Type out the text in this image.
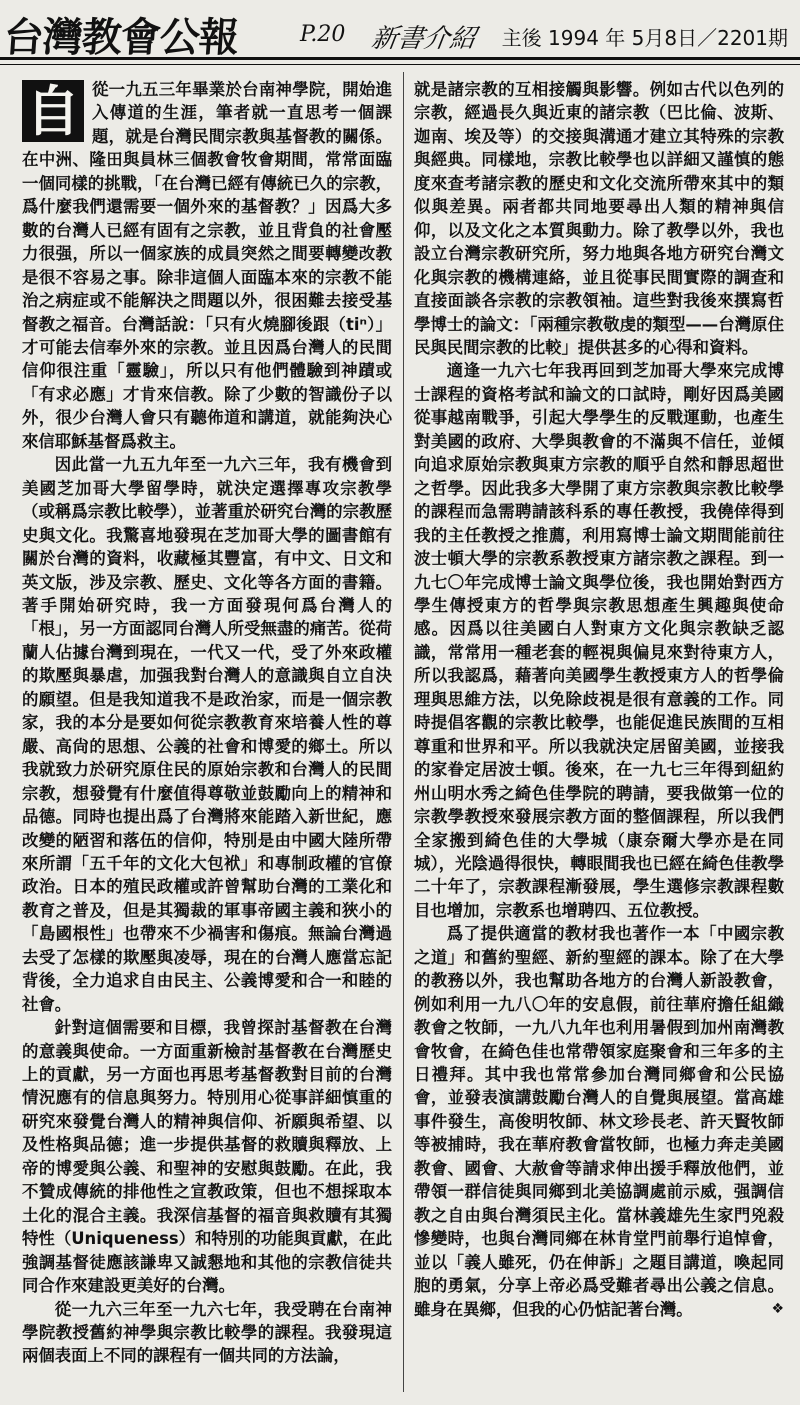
台灣教會公報	P.20 新書介紹 主後 1994 年 5月8日／2201期

自 從一九五三年畢業於台南神學院，開始進入傳道的生涯，筆者就一直思考一個課題，就是台灣民間宗教與基督教的關係。在中洲、隆田與員林三個教會牧會期間，常常面臨一個同樣的挑戰，「在台灣已經有傳統已久的宗教，爲什麼我們還需要一個外來的基督教？」因爲大多數的台灣人已經有固有之宗教，並且背負的社會壓力很强，所以一個家族的成員突然之間要轉變改教是很不容易之事。除非這個人面臨本來的宗教不能治之病症或不能解決之問題以外，很困難去接受基督教之福音。台灣話說：「只有火燒腳後跟（tiⁿ）」才可能去信奉外來的宗教。並且因爲台灣人的民間信仰很注重「靈驗」，所以只有他們體驗到神蹟或「有求必應」才肯來信教。除了少數的智識份子以外，很少台灣人會只有聽佈道和講道，就能夠決心來信耶穌基督爲救主。

因此當一九五九年至一九六三年，我有機會到美國芝加哥大學留學時，就決定選擇專攻宗教學（或稱爲宗教比較學），並著重於研究台灣的宗教歷史與文化。我驚喜地發現在芝加哥大學的圖書館有關於台灣的資料，收藏極其豐富，有中文、日文和英文版，涉及宗教、歷史、文化等各方面的書籍。著手開始研究時，我一方面發現何爲台灣人的「根」，另一方面認同台灣人所受無盡的痛苦。從荷蘭人佔據台灣到現在，一代又一代，受了外來政權的欺壓與暴虐，加强我對台灣人的意識與自立自決的願望。但是我知道我不是政治家，而是一個宗教家，我的本分是要如何從宗教教育來培養人性的尊嚴、高尙的思想、公義的社會和博愛的鄉土。所以我就致力於研究原住民的原始宗教和台灣人的民間宗教，想發覺有什麼值得尊敬並鼓勵向上的精神和品德。同時也提出爲了台灣將來能踏入新世紀，應改變的陋習和落伍的信仰，特別是由中國大陸所帶來所謂「五千年的文化大包袱」和專制政權的官僚政治。日本的殖民政權或許曾幫助台灣的工業化和教育之普及，但是其獨裁的軍事帝國主義和狹小的「島國根性」也帶來不少禍害和傷痕。無論台灣過去受了怎樣的欺壓與凌辱，現在的台灣人應當忘記背後，全力追求自由民主、公義博愛和合一和睦的社會。

針對這個需要和目標，我曾探討基督教在台灣的意義與使命。一方面重新檢討基督教在台灣歷史上的貢獻，另一方面也再思考基督教對目前的台灣情況應有的信息與努力。特別用心從事詳細慎重的研究來發覺台灣人的精神與信仰、祈願與希望、以及性格與品德；進一步提供基督的救贖與釋放、上帝的博愛與公義、和聖神的安慰與鼓勵。在此，我不贊成傳統的排他性之宣教政策，但也不想採取本土化的混合主義。我深信基督的福音與救贖有其獨特性（Uniqueness）和特別的功能與貢獻，在此強調基督徒應該謙卑又誠懇地和其他的宗教信徒共同合作來建設更美好的台灣。

從一九六三年至一九六七年，我受聘在台南神學院教授舊約神學與宗教比較學的課程。我發現這兩個表面上不同的課程有一個共同的方法論，

就是諸宗教的互相接觸與影響。例如古代以色列的宗教，經過長久與近東的諸宗教（巴比倫、波斯、迦南、埃及等）的交接與溝通才建立其特殊的宗教與經典。同樣地，宗教比較學也以詳細又謹慎的態度來查考諸宗教的歷史和文化交流所帶來其中的類似與差異。兩者都共同地要尋出人類的精神與信仰，以及文化之本質與動力。除了教學以外，我也設立台灣宗教研究所，努力地與各地方研究台灣文化與宗教的機構連絡，並且從事民間實際的調查和直接面談各宗教的宗教領袖。這些對我後來撰寫哲學博士的論文：「兩種宗教敬虔的類型——台灣原住民與民間宗教的比較」提供甚多的心得和資料。

適逢一九六七年我再回到芝加哥大學來完成博士課程的資格考試和論文的口試時，剛好因爲美國從事越南戰爭，引起大學學生的反戰運動，也產生對美國的政府、大學與教會的不滿與不信任，並傾向追求原始宗教與東方宗教的順乎自然和靜思超世之哲學。因此我多大學開了東方宗教與宗教比較學的課程而急需聘請該科系的專任教授，我僥倖得到我的主任教授之推薦，利用寫博士論文期間能前往波士頓大學的宗教系教授東方諸宗教之課程。到一九七〇年完成博士論文與學位後，我也開始對西方學生傳授東方的哲學與宗教思想產生興趣與使命感。因爲以往美國白人對東方文化與宗教缺乏認識，常常用一種老套的輕視與偏見來對待東方人，所以我認爲，藉著向美國學生教授東方人的哲學倫理與思維方法，以免除歧視是很有意義的工作。同時提倡客觀的宗教比較學，也能促進民族間的互相尊重和世界和平。所以我就決定居留美國，並接我的家眷定居波士頓。後來，在一九七三年得到紐約州山明水秀之綺色佳學院的聘請，要我做第一位的宗教學教授來發展宗教方面的整個課程，所以我們全家搬到綺色佳的大學城（康奈爾大學亦是在同城），光陰過得很快，轉眼間我也已經在綺色佳教學二十年了，宗教課程漸發展，學生選修宗教課程數目也增加，宗教系也增聘四、五位教授。

爲了提供適當的教材我也著作一本「中國宗教之道」和舊約聖經、新約聖經的課本。除了在大學的教務以外，我也幫助各地方的台灣人新設教會，例如利用一九八〇年的安息假，前往華府擔任組織教會之牧師，一九八九年也利用暑假到加州南灣教會牧會，在綺色佳也常帶領家庭聚會和三年多的主日禮拜。其中我也常常參加台灣同鄉會和公民協會，並發表演講鼓勵台灣人的自覺與展望。當高雄事件發生，高俊明牧師、林文珍長老、許天賢牧師等被捕時，我在華府教會當牧師，也極力奔走美國教會、國會、大赦會等請求伸出援手釋放他們，並帶領一群信徒與同鄉到北美協調處前示威，强調信教之自由與台灣須民主化。當林義雄先生家門兇殺慘變時，也與台灣同鄉在林肯堂門前舉行追悼會，並以「義人雖死，仍在伸訴」之題目講道，喚起同胞的勇氣，分享上帝必爲受難者尋出公義之信息。雖身在異鄉，但我的心仍惦記著台灣。	❖
